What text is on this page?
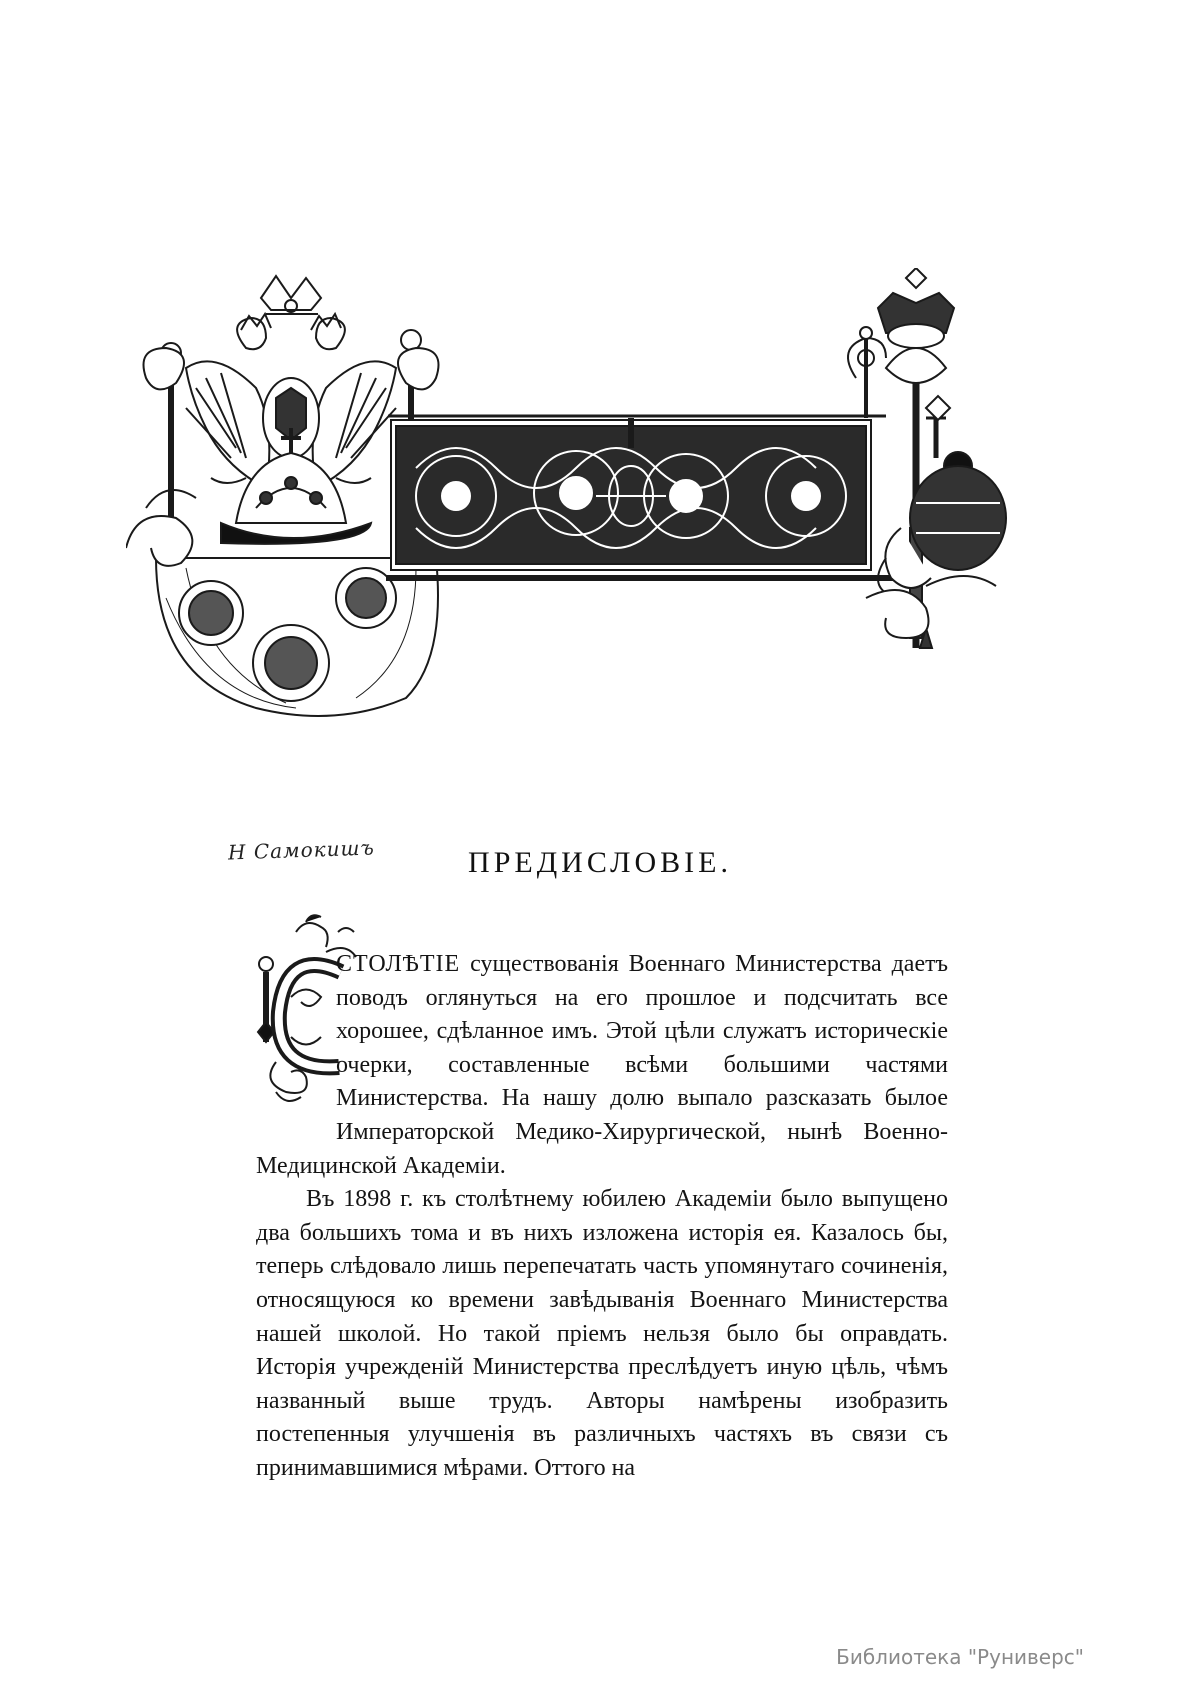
Н Самокишъ	ПРЕДИСЛОВІЕ.

СТОЛѢТІЕ существованія Военнаго Министерства даетъ поводъ оглянуться на его прошлое и подсчитать все хорошее, сдѣланное имъ. Этой цѣли служатъ историческіе очерки, составленные всѣми большими частями Министерства. На нашу долю выпало разсказать былое Императорской Медико-Хирургической, нынѣ Военно-Медицинской Академіи.

Въ 1898 г. къ столѣтнему юбилею Академіи было выпущено два большихъ тома и въ нихъ изложена исторія ея. Казалось бы, теперь слѣдовало лишь перепечатать часть упомянутаго сочиненія, относящуюся ко времени завѣдыванія Военнаго Министерства нашей школой. Но такой пріемъ нельзя было бы оправдать. Исторія учрежденій Министерства преслѣдуетъ иную цѣль, чѣмъ названный выше трудъ. Авторы намѣрены изобразить постепенныя улучшенія въ различныхъ частяхъ въ связи съ принимавшимися мѣрами. Оттого на

Библиотека "Руниверс"
